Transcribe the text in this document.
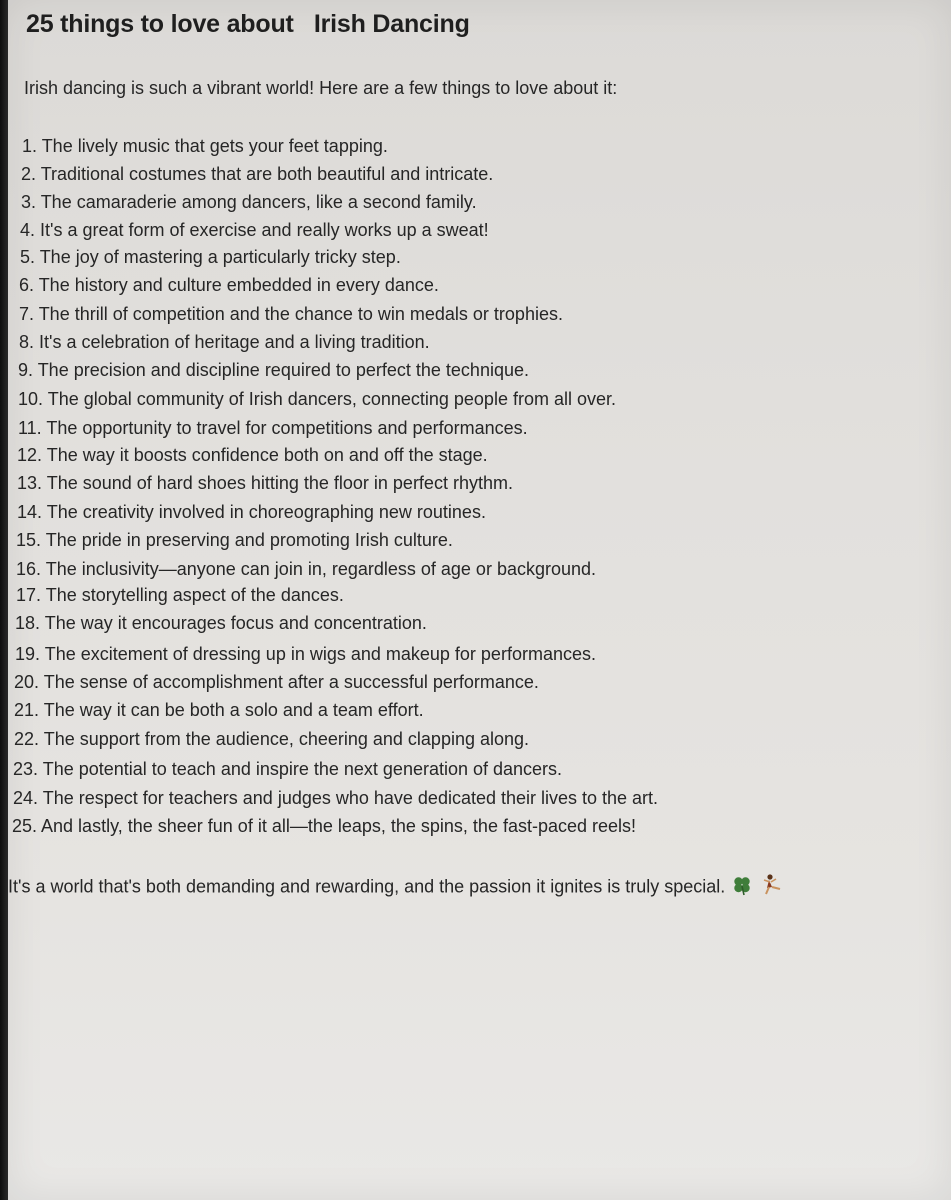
25 things to love about   Irish Dancing

Irish dancing is such a vibrant world! Here are a few things to love about it:

1. The lively music that gets your feet tapping.
2. Traditional costumes that are both beautiful and intricate.
3. The camaraderie among dancers, like a second family.
4. It's a great form of exercise and really works up a sweat!
5. The joy of mastering a particularly tricky step.
6. The history and culture embedded in every dance.
7. The thrill of competition and the chance to win medals or trophies.
8. It's a celebration of heritage and a living tradition.
9. The precision and discipline required to perfect the technique.
10. The global community of Irish dancers, connecting people from all over.
11. The opportunity to travel for competitions and performances.
12. The way it boosts confidence both on and off the stage.
13. The sound of hard shoes hitting the floor in perfect rhythm.
14. The creativity involved in choreographing new routines.
15. The pride in preserving and promoting Irish culture.
16. The inclusivity—anyone can join in, regardless of age or background.
17. The storytelling aspect of the dances.
18. The way it encourages focus and concentration.
19. The excitement of dressing up in wigs and makeup for performances.
20. The sense of accomplishment after a successful performance.
21. The way it can be both a solo and a team effort.
22. The support from the audience, cheering and clapping along.
23. The potential to teach and inspire the next generation of dancers.
24. The respect for teachers and judges who have dedicated their lives to the art.
25. And lastly, the sheer fun of it all—the leaps, the spins, the fast-paced reels!

It's a world that's both demanding and rewarding, and the passion it ignites is truly special.
